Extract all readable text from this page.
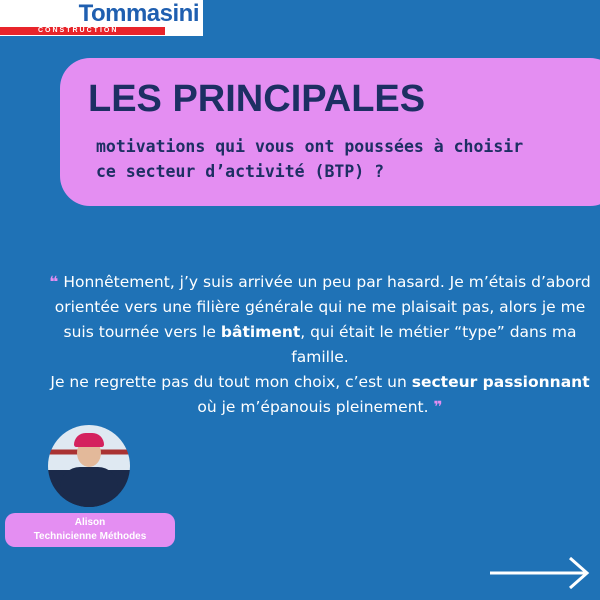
CONSTRUCTION
Tommasini
LES PRINCIPALES
motivations qui vous ont poussées à choisir
ce secteur d’activité (BTP) ?
❝ Honnêtement, j’y suis arrivée un peu par hasard. Je m’étais d’abord orientée vers une filière générale qui ne me plaisait pas, alors je me suis tournée vers le bâtiment, qui était le métier “type” dans ma famille.
Je ne regrette pas du tout mon choix, c’est un secteur passionnant où je m’épanouis pleinement. ❞
Alison
Technicienne Méthodes
